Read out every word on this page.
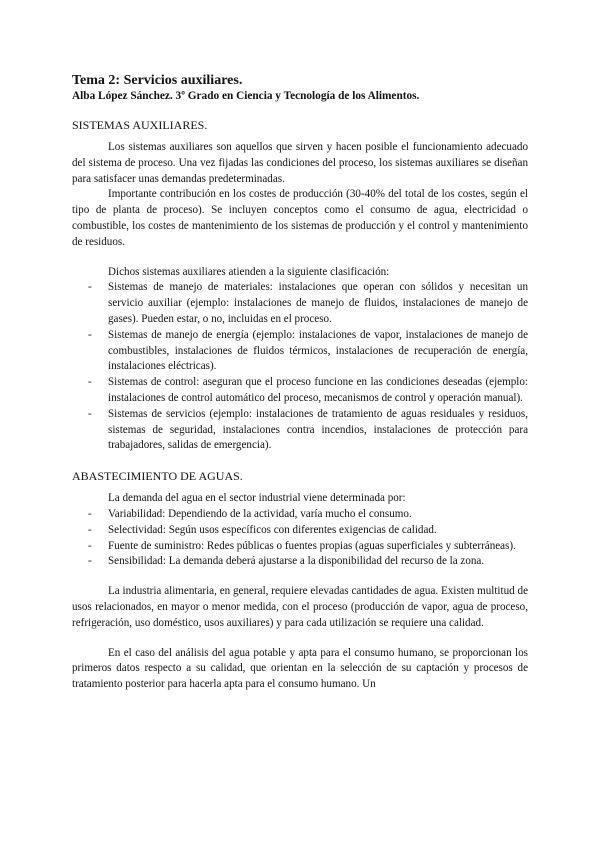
Tema 2: Servicios auxiliares.

Alba López Sánchez. 3º Grado en Ciencia y Tecnología de los Alimentos.

SISTEMAS AUXILIARES.

Los sistemas auxiliares son aquellos que sirven y hacen posible el funcionamiento adecuado del sistema de proceso. Una vez fijadas las condiciones del proceso, los sistemas auxiliares se diseñan para satisfacer unas demandas predeterminadas.

Importante contribución en los costes de producción (30-40% del total de los costes, según el tipo de planta de proceso). Se incluyen conceptos como el consumo de agua, electricidad o combustible, los costes de mantenimiento de los sistemas de producción y el control y mantenimiento de residuos.

Dichos sistemas auxiliares atienden a la siguiente clasificación:

- Sistemas de manejo de materiales: instalaciones que operan con sólidos y necesitan un servicio auxiliar (ejemplo: instalaciones de manejo de fluidos, instalaciones de manejo de gases). Pueden estar, o no, incluidas en el proceso.
- Sistemas de manejo de energía (ejemplo: instalaciones de vapor, instalaciones de manejo de combustibles, instalaciones de fluidos térmicos, instalaciones de recuperación de energía, instalaciones eléctricas).
- Sistemas de control: aseguran que el proceso funcione en las condiciones deseadas (ejemplo: instalaciones de control automático del proceso, mecanismos de control y operación manual).
- Sistemas de servicios (ejemplo: instalaciones de tratamiento de aguas residuales y residuos, sistemas de seguridad, instalaciones contra incendios, instalaciones de protección para trabajadores, salidas de emergencia).

ABASTECIMIENTO DE AGUAS.

La demanda del agua en el sector industrial viene determinada por:

- Variabilidad: Dependiendo de la actividad, varía mucho el consumo.
- Selectividad: Según usos específicos con diferentes exigencias de calidad.
- Fuente de suministro: Redes públicas o fuentes propias (aguas superficiales y subterráneas).
- Sensibilidad: La demanda deberá ajustarse a la disponibilidad del recurso de la zona.

La industria alimentaria, en general, requiere elevadas cantidades de agua. Existen multitud de usos relacionados, en mayor o menor medida, con el proceso (producción de vapor, agua de proceso, refrigeración, uso doméstico, usos auxiliares) y para cada utilización se requiere una calidad.

En el caso del análisis del agua potable y apta para el consumo humano, se proporcionan los primeros datos respecto a su calidad, que orientan en la selección de su captación y procesos de tratamiento posterior para hacerla apta para el consumo humano. Un
